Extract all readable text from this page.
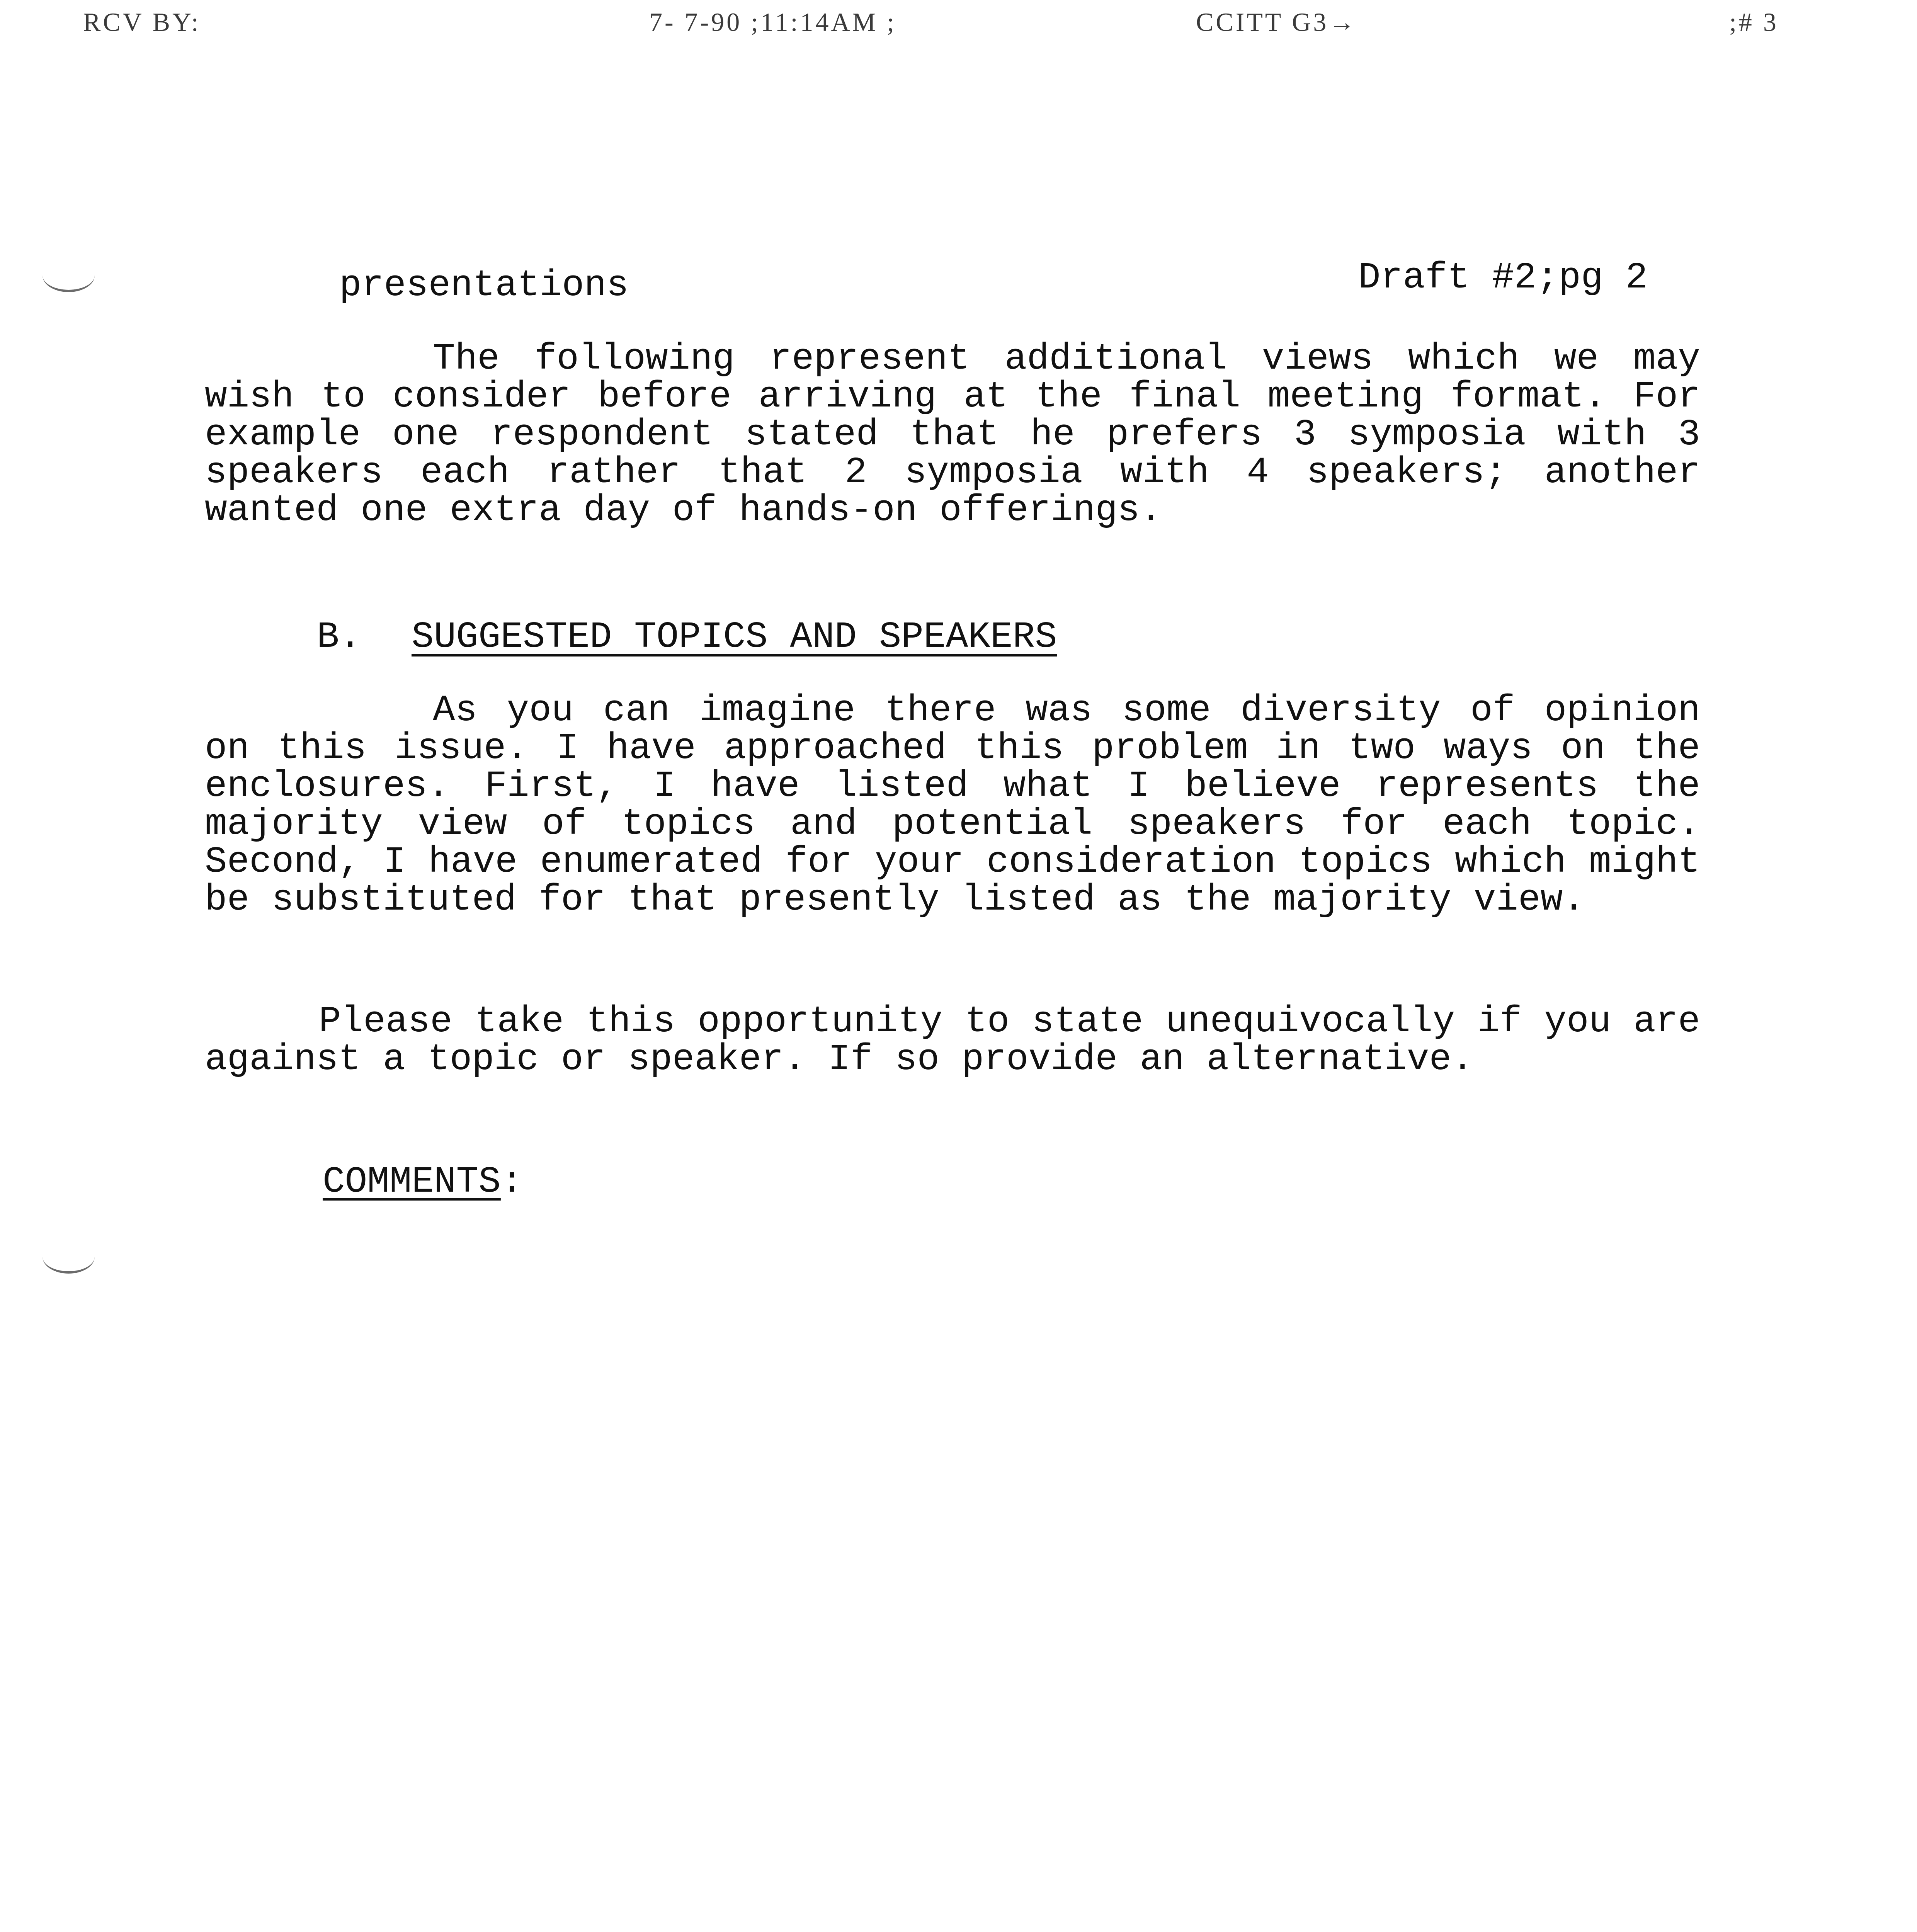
RCV BY:	7- 7-90 ;11:14AM ;	CCITT G3→	;# 3
presentations	Draft #2;pg 2
The following represent additional views which we may
wish to consider before arriving at the final meeting format. For
example one respondent stated that he prefers 3 symposia with 3
speakers each rather that 2 symposia with 4 speakers; another
wanted one extra day of hands-on offerings.
B. SUGGESTED TOPICS AND SPEAKERS
As you can imagine there was some diversity of opinion
on this issue. I have approached this problem in two ways on the
enclosures. First, I have listed what I believe represents the
majority view of topics and potential speakers for each topic.
Second, I have enumerated for your consideration topics which might
be substituted for that presently listed as the majority view.
Please take this opportunity to state unequivocally if you are
against a topic or speaker. If so provide an alternative.
COMMENTS:
